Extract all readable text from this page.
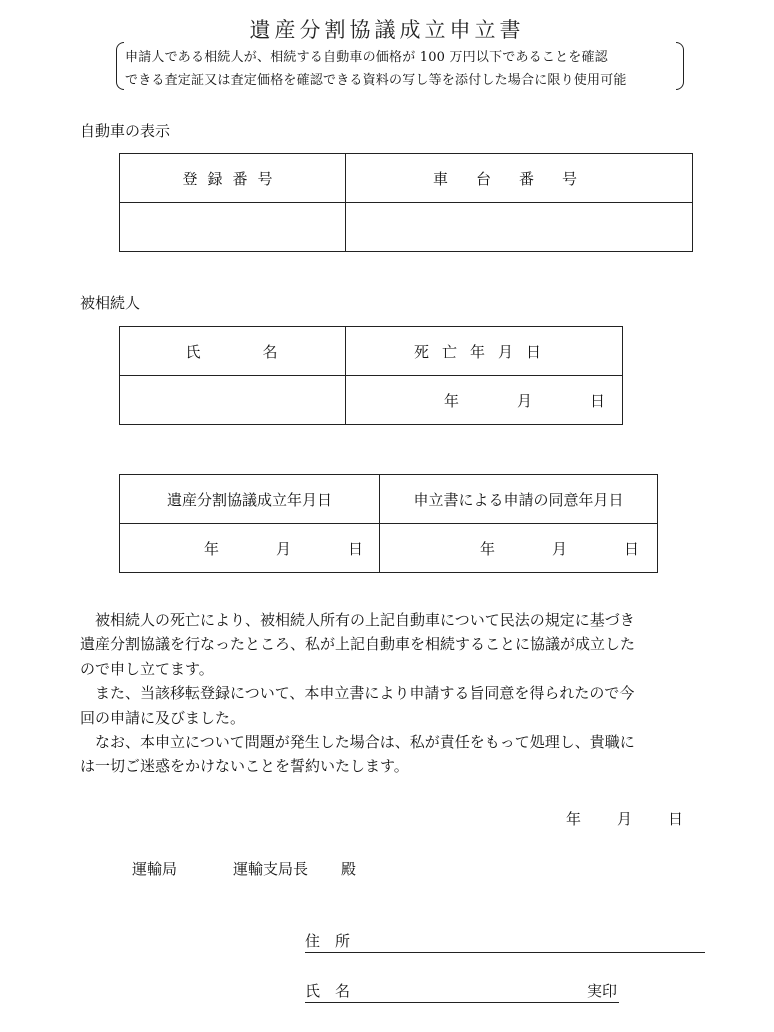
遺産分割協議成立申立書
申請人である相続人が、相続する自動車の価格が 100 万円以下であることを確認
できる査定証又は査定価格を確認できる資料の写し等を添付した場合に限り使用可能
自動車の表示
登録番号	車台番号

被相続人
氏名	死亡年月日
	年 月 日
遺産分割協議成立年月日	申立書による申請の同意年月日
年 月 日	年 月 日

被相続人の死亡により、被相続人所有の上記自動車について民法の規定に基づき

遺産分割協議を行なったところ、私が上記自動車を相続することに協議が成立した

ので申し立てます。

また、当該移転登録について、本申立書により申請する旨同意を得られたので今

回の申請に及びました。

なお、本申立について問題が発生した場合は、私が責任をもって処理し、貴職に

は一切ご迷惑をかけないことを誓約いたします。

年 月 日
運輸局	運輸支局長 殿
住所
氏名	実印
